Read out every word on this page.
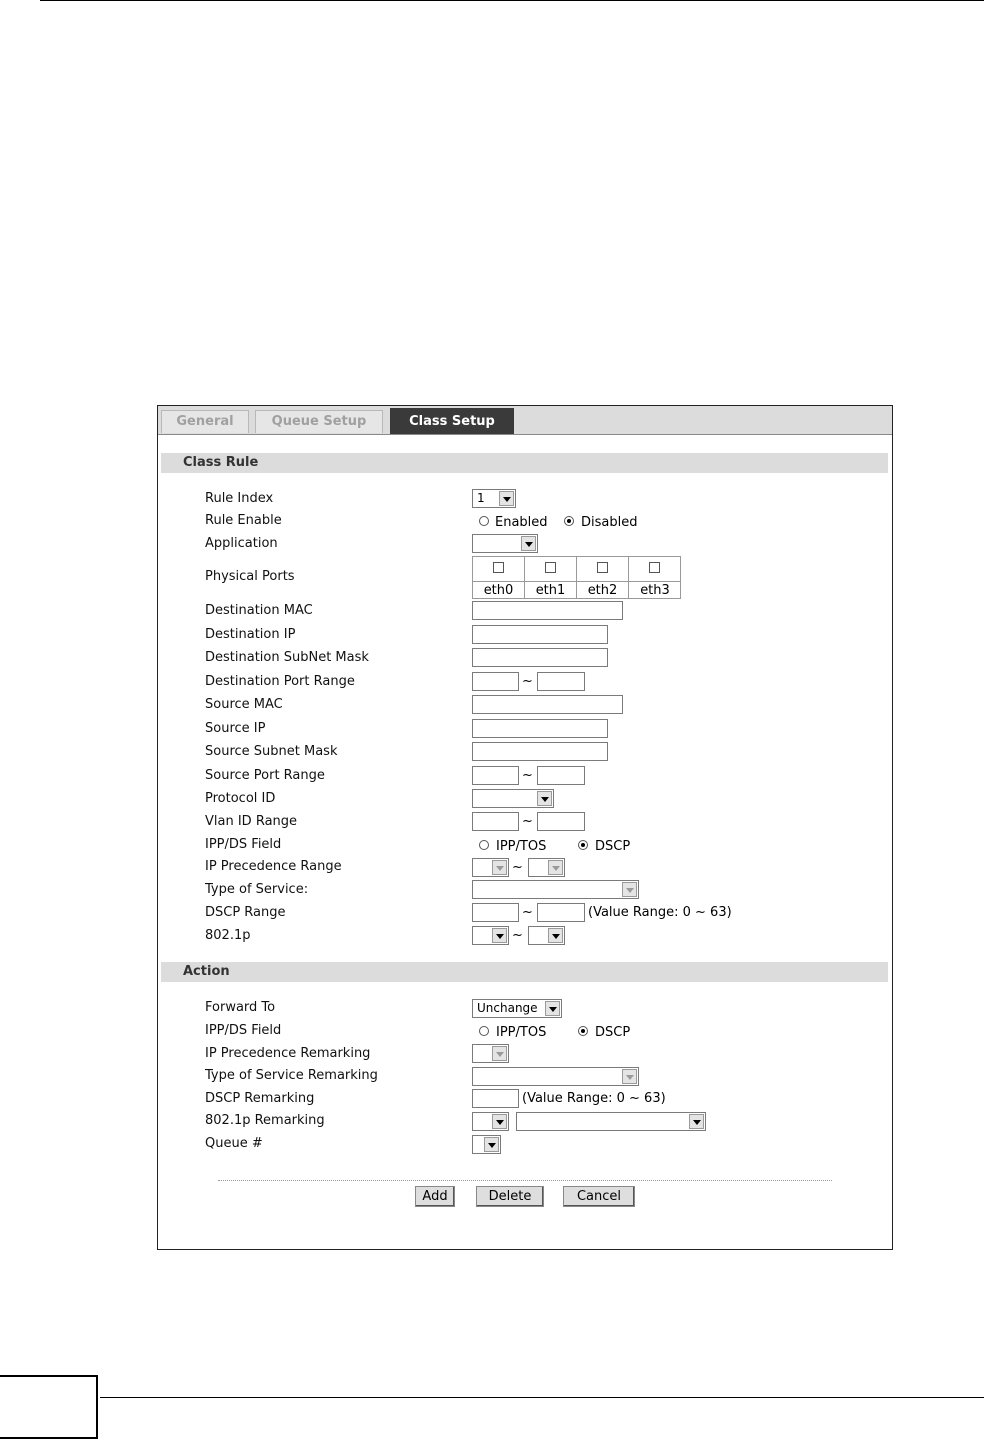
General	Queue Setup	Class Setup
Class Rule
Rule Index	1
Rule Enable	Enabled	Disabled
Application
Physical Ports
eth0	eth1	eth2	eth3
Destination MAC
Destination IP
Destination SubNet Mask
Destination Port Range	~
Source MAC
Source IP
Source Subnet Mask
Source Port Range	~
Protocol ID
Vlan ID Range	~
IPP/DS Field	IPP/TOS	DSCP
IP Precedence Range	~
Type of Service:
DSCP Range	~	(Value Range: 0 ~ 63)
802.1p	~
Action
Forward To	Unchange
IPP/DS Field	IPP/TOS	DSCP
IP Precedence Remarking
Type of Service Remarking
DSCP Remarking	(Value Range: 0 ~ 63)
802.1p Remarking
Queue #
Add	Delete	Cancel
